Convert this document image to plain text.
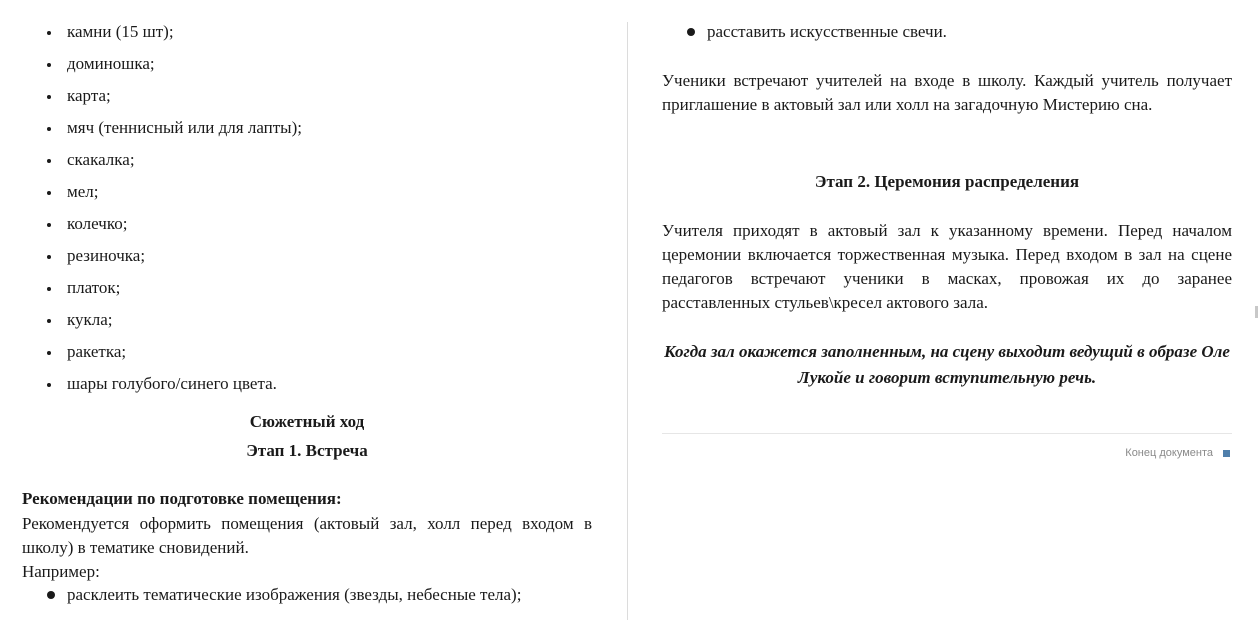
камни (15 шт);
доминошка;
карта;
мяч (теннисный или для лапты);
скакалка;
мел;
колечко;
резиночка;
платок;
кукла;
ракетка;
шары голубого/синего цвета.
Сюжетный ход
Этап 1. Встреча
Рекомендации по подготовке помещения:
Рекомендуется оформить помещения (актовый зал, холл перед входом в школу) в тематике сновидений.
Например:
расклеить тематические изображения (звезды, небесные тела);
расставить искусственные свечи.
Ученики встречают учителей на входе в школу. Каждый учитель получает приглашение в актовый зал или холл на загадочную Мистерию сна.
Этап 2. Церемония распределения
Учителя приходят в актовый зал к указанному времени. Перед началом церемонии включается торжественная музыка. Перед входом в зал на сцене педагогов встречают ученики в масках, провожая их до заранее расставленных стульев\кресел актового зала.
Когда зал окажется заполненным, на сцену выходит ведущий в образе Оле Лукойе и говорит вступительную речь.
Конец документа
